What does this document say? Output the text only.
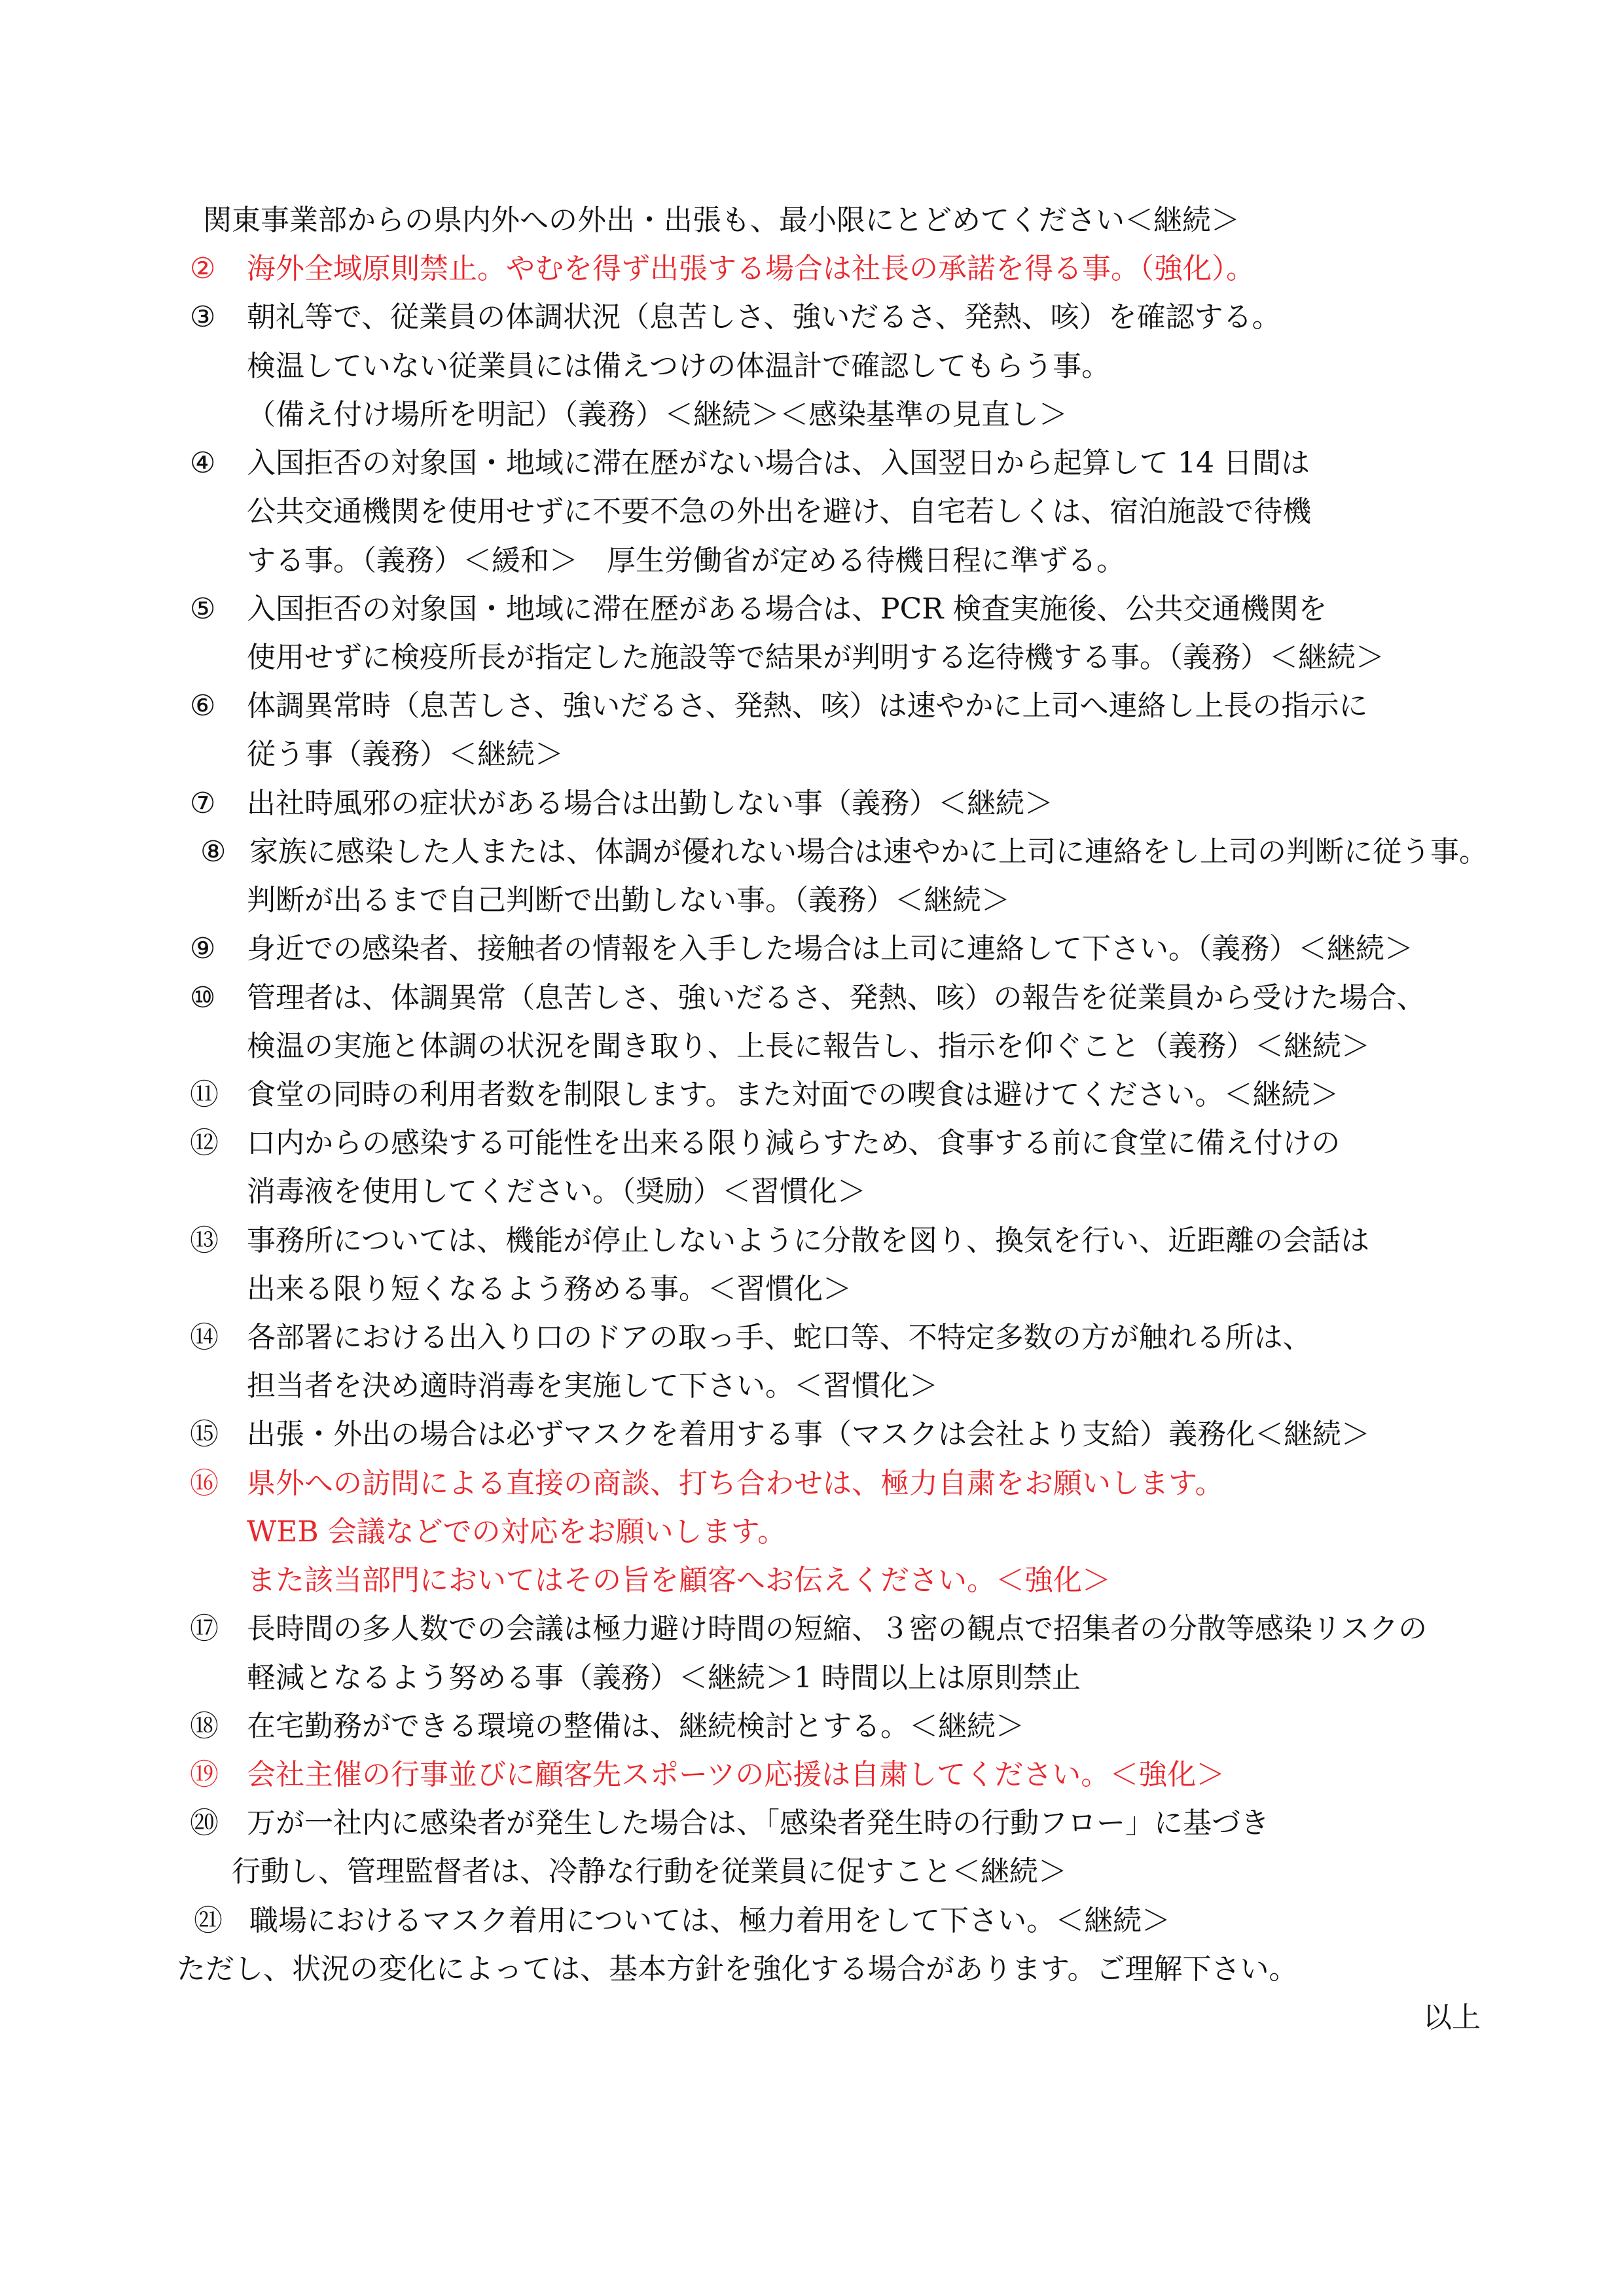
関東事業部からの県内外への外出・出張も、最小限にとどめてください＜継続＞
② 海外全域原則禁止。やむを得ず出張する場合は社長の承諾を得る事。（強化）。
③ 朝礼等で、従業員の体調状況（息苦しさ、強いだるさ、発熱、咳）を確認する。
検温していない従業員には備えつけの体温計で確認してもらう事。
（備え付け場所を明記）（義務）＜継続＞＜感染基準の見直し＞
④ 入国拒否の対象国・地域に滞在歴がない場合は、入国翌日から起算して 14 日間は
公共交通機関を使用せずに不要不急の外出を避け、自宅若しくは、宿泊施設で待機
する事。（義務）＜緩和＞　厚生労働省が定める待機日程に準ずる。
⑤ 入国拒否の対象国・地域に滞在歴がある場合は、PCR 検査実施後、公共交通機関を
使用せずに検疫所長が指定した施設等で結果が判明する迄待機する事。（義務）＜継続＞
⑥ 体調異常時（息苦しさ、強いだるさ、発熱、咳）は速やかに上司へ連絡し上長の指示に
従う事（義務）＜継続＞
⑦ 出社時風邪の症状がある場合は出勤しない事（義務）＜継続＞
⑧ 家族に感染した人または、体調が優れない場合は速やかに上司に連絡をし上司の判断に従う事。
判断が出るまで自己判断で出勤しない事。（義務）＜継続＞
⑨ 身近での感染者、接触者の情報を入手した場合は上司に連絡して下さい。（義務）＜継続＞
⑩ 管理者は、体調異常（息苦しさ、強いだるさ、発熱、咳）の報告を従業員から受けた場合、
検温の実施と体調の状況を聞き取り、上長に報告し、指示を仰ぐこと（義務）＜継続＞
⑪ 食堂の同時の利用者数を制限します。また対面での喫食は避けてください。＜継続＞
⑫ 口内からの感染する可能性を出来る限り減らすため、食事する前に食堂に備え付けの
消毒液を使用してください。（奨励）＜習慣化＞
⑬ 事務所については、機能が停止しないように分散を図り、換気を行い、近距離の会話は
出来る限り短くなるよう務める事。＜習慣化＞
⑭ 各部署における出入り口のドアの取っ手、蛇口等、不特定多数の方が触れる所は、
担当者を決め適時消毒を実施して下さい。＜習慣化＞
⑮ 出張・外出の場合は必ずマスクを着用する事（マスクは会社より支給）義務化＜継続＞
⑯ 県外への訪問による直接の商談、打ち合わせは、極力自粛をお願いします。
WEB 会議などでの対応をお願いします。
また該当部門においてはその旨を顧客へお伝えください。＜強化＞
⑰ 長時間の多人数での会議は極力避け時間の短縮、３密の観点で招集者の分散等感染リスクの
軽減となるよう努める事（義務）＜継続＞1 時間以上は原則禁止
⑱ 在宅勤務ができる環境の整備は、継続検討とする。＜継続＞
⑲ 会社主催の行事並びに顧客先スポーツの応援は自粛してください。＜強化＞
⑳ 万が一社内に感染者が発生した場合は、「感染者発生時の行動フロー」に基づき
行動し、管理監督者は、冷静な行動を従業員に促すこと＜継続＞
㉑ 職場におけるマスク着用については、極力着用をして下さい。＜継続＞
ただし、状況の変化によっては、基本方針を強化する場合があります。ご理解下さい。
以上
